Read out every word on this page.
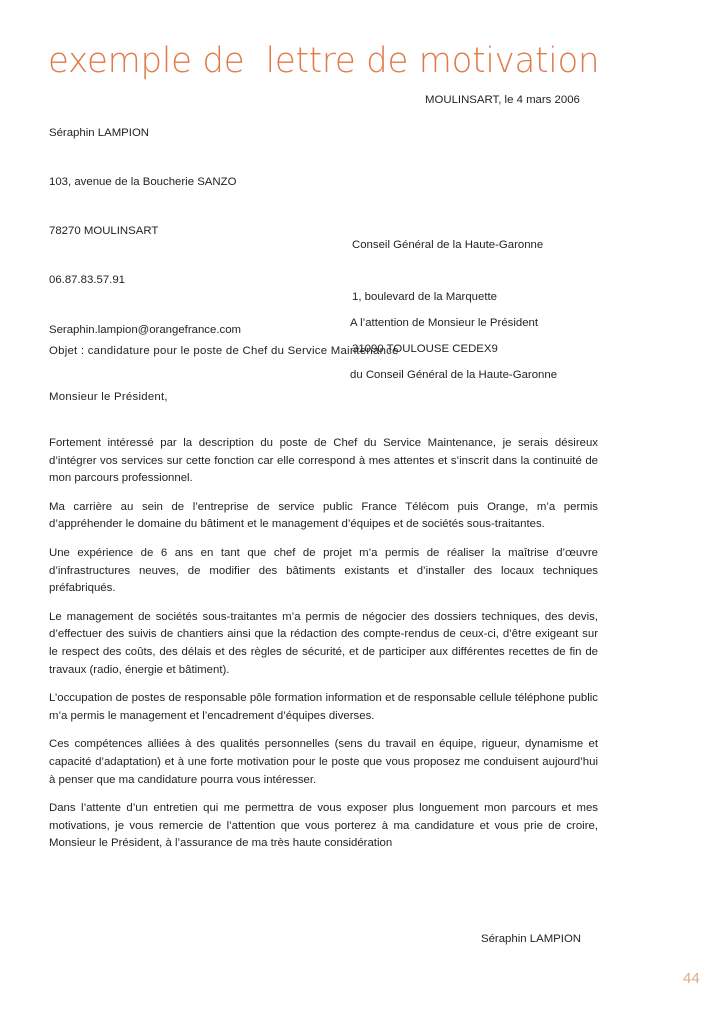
exemple de  lettre de motivation

Séraphin LAMPION

103, avenue de la Boucherie SANZO

78270 MOULINSART

06.87.83.57.91

Seraphin.lampion@orangefrance.com

MOULINSART, le 4 mars 2006

Conseil Général de la Haute-Garonne

1, boulevard de la Marquette

31090 TOULOUSE CEDEX9

A l’attention de Monsieur le Président

du Conseil Général de la Haute-Garonne

Objet : candidature pour le poste de Chef du Service Maintenance
Monsieur le Président,

Fortement intéressé par la description du poste de Chef du Service Maintenance, je serais désireux d’intégrer vos services sur cette fonction car elle correspond à mes attentes et s’inscrit dans la continuité de mon parcours professionnel.

Ma carrière au sein de l’entreprise de service public France Télécom puis Orange, m’a permis d’appréhender le domaine du bâtiment et le management d’équipes et de sociétés sous-traitantes.

Une expérience de 6 ans en tant que chef de projet m’a permis de réaliser la maîtrise d’œuvre d’infrastructures neuves, de modifier des bâtiments existants et d’installer des locaux techniques préfabriqués.

Le management de sociétés sous-traitantes m’a permis de négocier des dossiers techniques, des devis, d’effectuer des suivis de chantiers ainsi que la rédaction des compte-rendus de ceux-ci, d’être exigeant sur le respect des coûts, des délais et des règles de sécurité, et de participer aux différentes recettes de fin de travaux (radio, énergie et bâtiment).

L’occupation de postes de responsable pôle formation information et de responsable cellule téléphone public m’a permis le management et l’encadrement d’équipes diverses.

Ces compétences alliées à des qualités personnelles (sens du travail en équipe, rigueur, dynamisme et capacité d’adaptation) et à une forte motivation pour le poste que vous proposez me conduisent aujourd’hui à penser que ma candidature pourra vous intéresser.

Dans l’attente d’un entretien qui me permettra de vous exposer plus longuement mon parcours et mes motivations, je vous remercie de l’attention que vous porterez à ma candidature et vous prie de croire, Monsieur le Président, à l’assurance de ma très haute considération

Séraphin LAMPION
44
